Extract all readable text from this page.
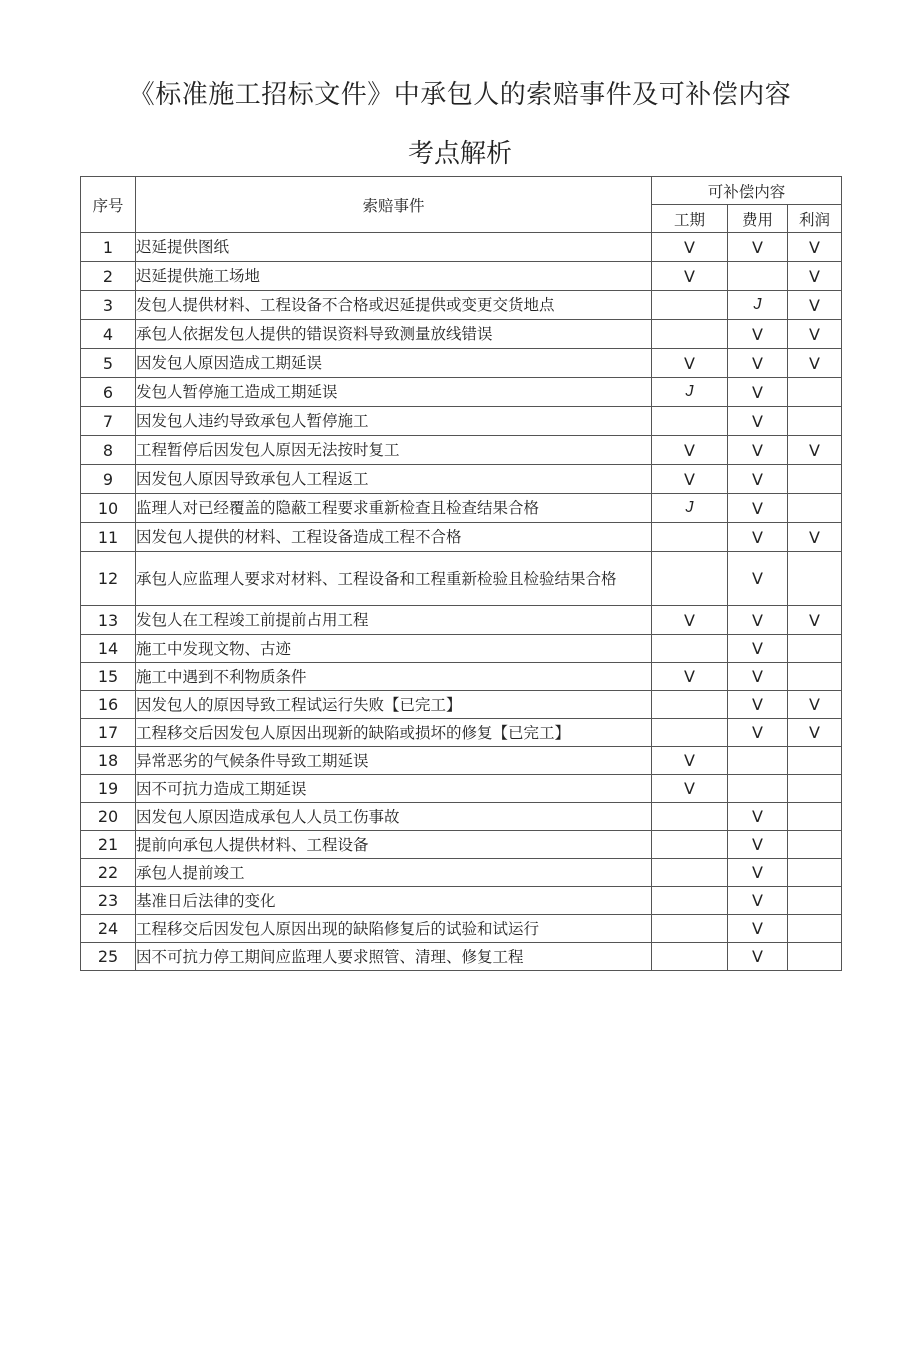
《标准施工招标文件》中承包人的索赔事件及可补偿内容
考点解析
序号	索赔事件	可补偿内容		
		工期	费用	利润
1	迟延提供图纸	V	V	V
2	迟延提供施工场地	V		V
3	发包人提供材料、工程设备不合格或迟延提供或变更交货地点		J	V
4	承包人依据发包人提供的错误资料导致测量放线错误		V	V
5	因发包人原因造成工期延误	V	V	V
6	发包人暂停施工造成工期延误	J	V	
7	因发包人违约导致承包人暂停施工		V	
8	工程暂停后因发包人原因无法按时复工	V	V	V
9	因发包人原因导致承包人工程返工	V	V	
10	监理人对已经覆盖的隐蔽工程要求重新检查且检查结果合格	J	V	
11	因发包人提供的材料、工程设备造成工程不合格		V	V
12	承包人应监理人要求对材料、工程设备和工程重新检验且检验结果合格		V	
13	发包人在工程竣工前提前占用工程	V	V	V
14	施工中发现文物、古迹		V	
15	施工中遇到不利物质条件	V	V	
16	因发包人的原因导致工程试运行失败【已完工】		V	V
17	工程移交后因发包人原因出现新的缺陷或损坏的修复【已完工】		V	V
18	异常恶劣的气候条件导致工期延误	V		
19	因不可抗力造成工期延误	V		
20	因发包人原因造成承包人人员工伤事故		V	
21	提前向承包人提供材料、工程设备		V	
22	承包人提前竣工		V	
23	基准日后法律的变化		V	
24	工程移交后因发包人原因出现的缺陷修复后的试验和试运行		V	
25	因不可抗力停工期间应监理人要求照管、清理、修复工程		V	
